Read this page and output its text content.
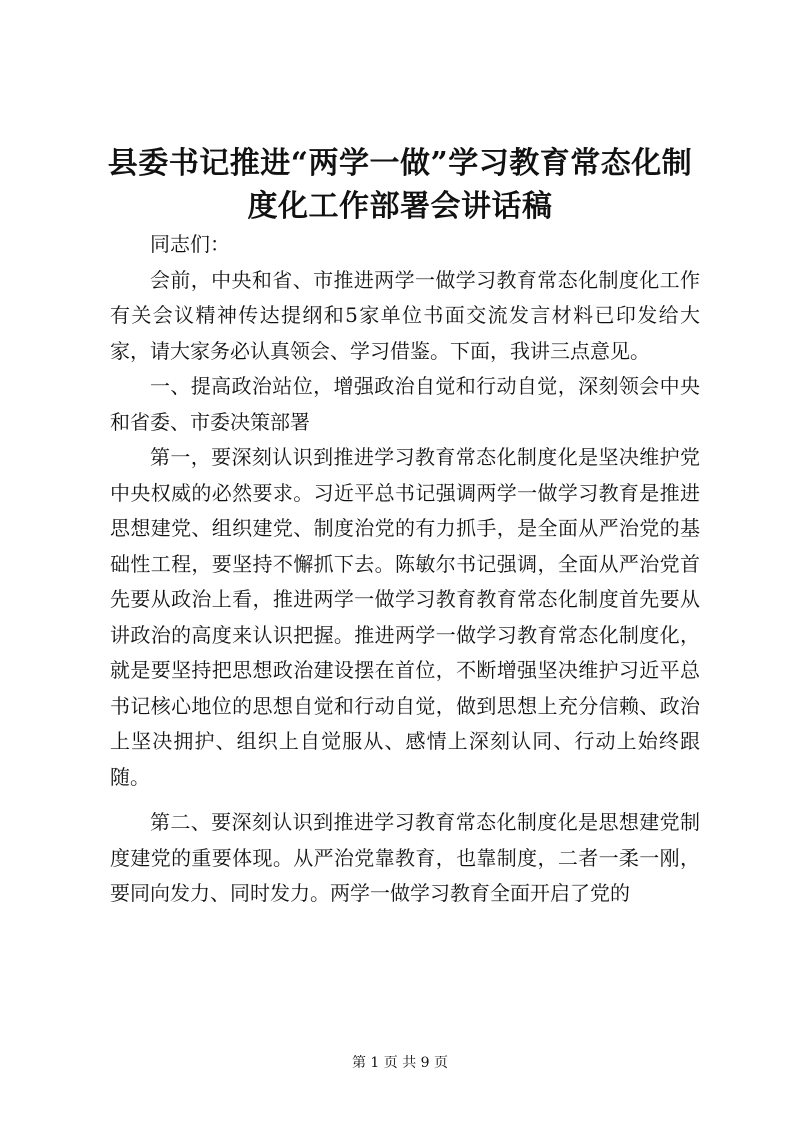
县委书记推进“两学一做”学习教育常态化制
度化工作部署会讲话稿

同志们：

会前，中央和省、市推进两学一做学习教育常态化制度化工作有关会议精神传达提纲和5家单位书面交流发言材料已印发给大家，请大家务必认真领会、学习借鉴。下面，我讲三点意见。

一、提高政治站位，增强政治自觉和行动自觉，深刻领会中央和省委、市委决策部署

第一，要深刻认识到推进学习教育常态化制度化是坚决维护党中央权威的必然要求。习近平总书记强调两学一做学习教育是推进思想建党、组织建党、制度治党的有力抓手，是全面从严治党的基础性工程，要坚持不懈抓下去。陈敏尔书记强调，全面从严治党首先要从政治上看，推进两学一做学习教育教育常态化制度首先要从讲政治的高度来认识把握。推进两学一做学习教育常态化制度化，就是要坚持把思想政治建设摆在首位，不断增强坚决维护习近平总书记核心地位的思想自觉和行动自觉，做到思想上充分信赖、政治上坚决拥护、组织上自觉服从、感情上深刻认同、行动上始终跟随。

第二、要深刻认识到推进学习教育常态化制度化是思想建党制度建党的重要体现。从严治党靠教育，也靠制度，二者一柔一刚，要同向发力、同时发力。两学一做学习教育全面开启了党的

第 1 页 共 9 页
